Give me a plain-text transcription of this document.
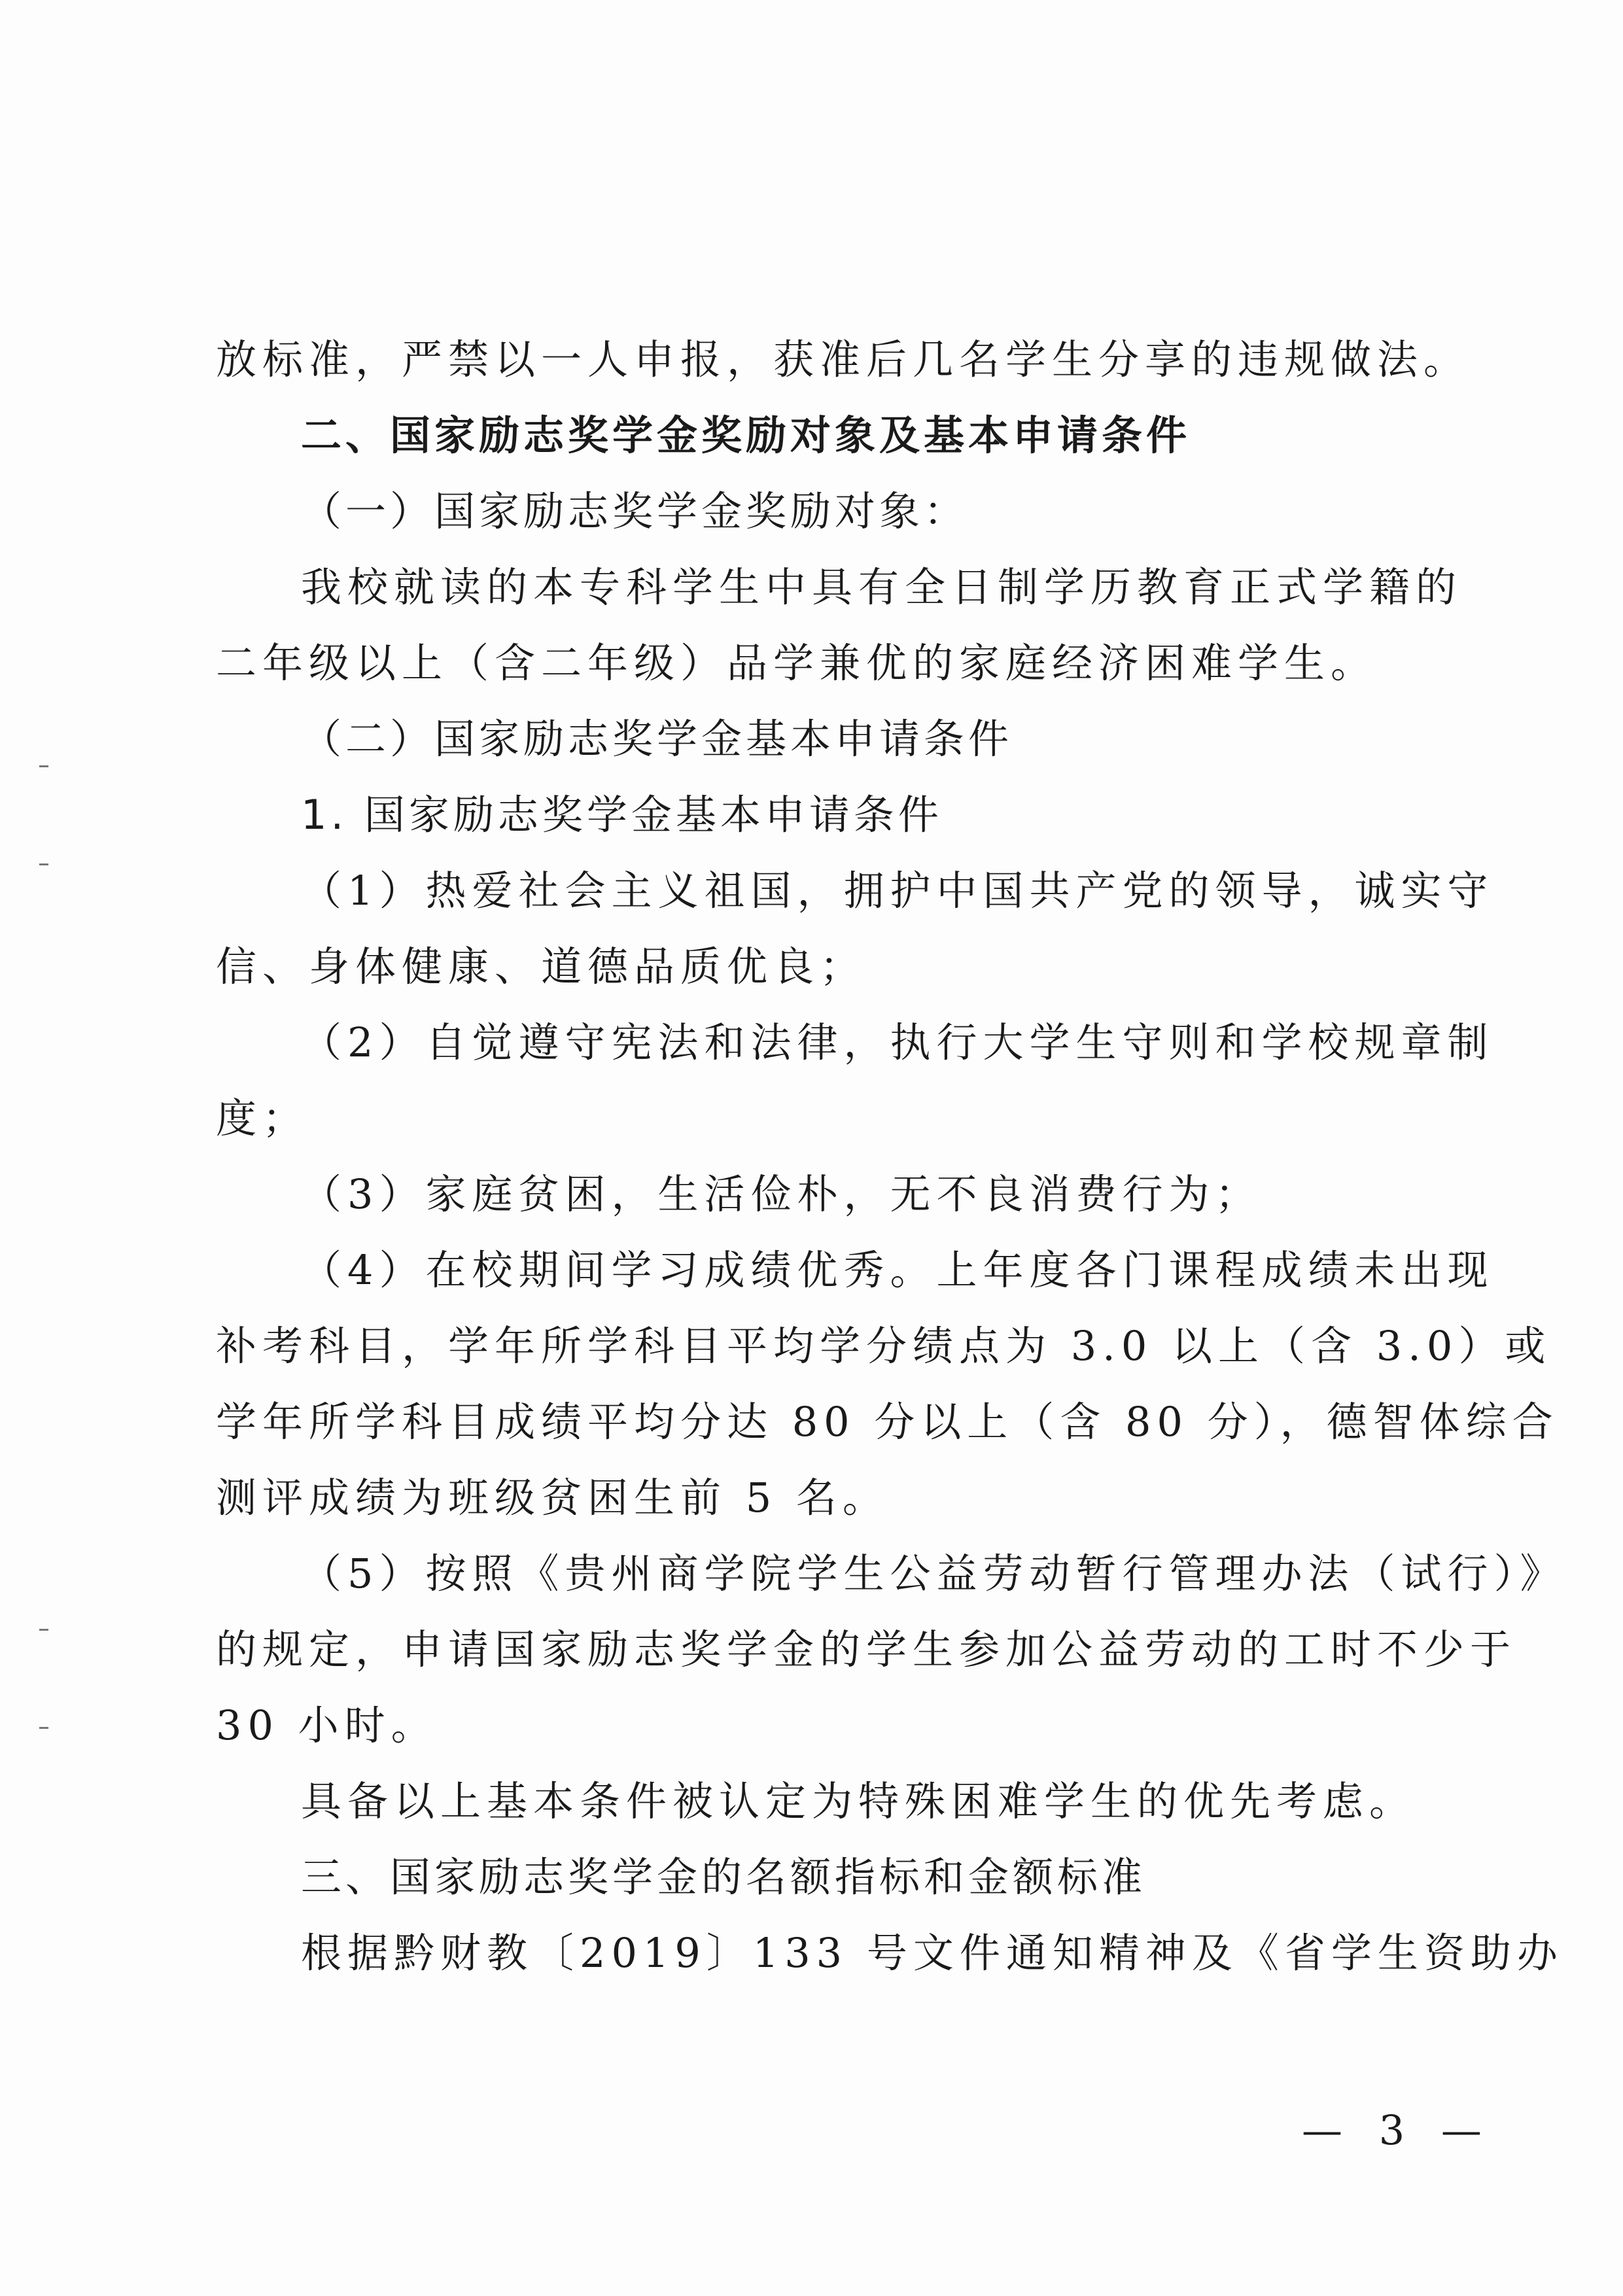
放标准，严禁以一人申报，获准后几名学生分享的违规做法。
二、国家励志奖学金奖励对象及基本申请条件
（一）国家励志奖学金奖励对象：
我校就读的本专科学生中具有全日制学历教育正式学籍的
二年级以上（含二年级）品学兼优的家庭经济困难学生。
（二）国家励志奖学金基本申请条件
1. 国家励志奖学金基本申请条件
（1）热爱社会主义祖国，拥护中国共产党的领导，诚实守
信、身体健康、道德品质优良；
（2）自觉遵守宪法和法律，执行大学生守则和学校规章制
度；
（3）家庭贫困，生活俭朴，无不良消费行为；
（4）在校期间学习成绩优秀。上年度各门课程成绩未出现
补考科目，学年所学科目平均学分绩点为 3.0 以上（含 3.0）或
学年所学科目成绩平均分达 80 分以上（含 80 分），德智体综合
测评成绩为班级贫困生前 5 名。
（5）按照《贵州商学院学生公益劳动暂行管理办法（试行）》
的规定，申请国家励志奖学金的学生参加公益劳动的工时不少于
30 小时。
具备以上基本条件被认定为特殊困难学生的优先考虑。
三、国家励志奖学金的名额指标和金额标准
根据黔财教〔2019〕133 号文件通知精神及《省学生资助办
— 3 —
